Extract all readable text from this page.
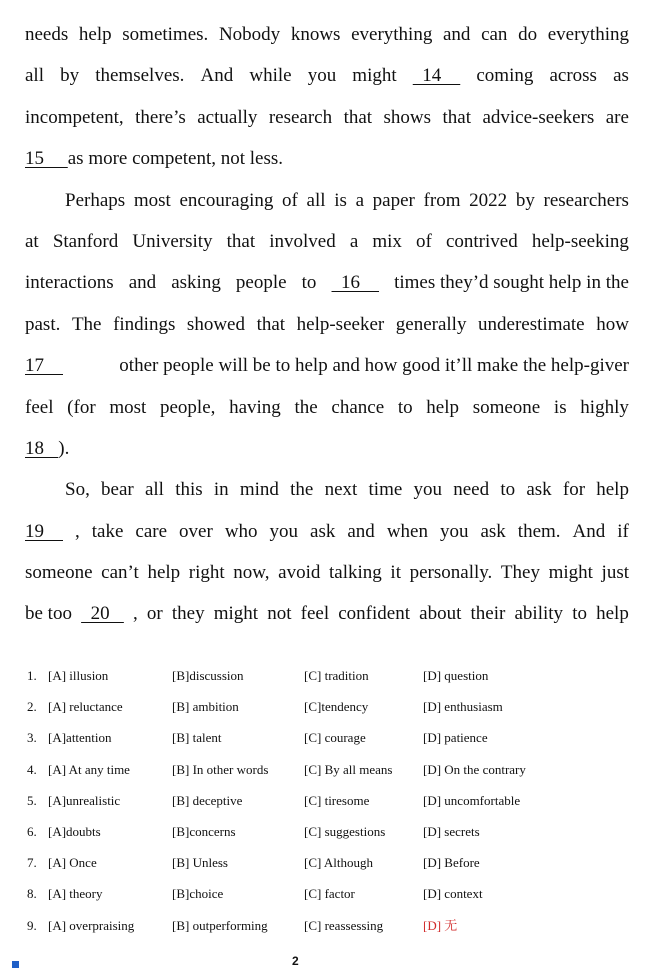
needs help sometimes. Nobody knows everything and can do everything
all by themselves. And while you might 14 coming across as
incompetent, there’s actually research that shows that advice-seekers are
15 as more competent, not less.
Perhaps most encouraging of all is a paper from 2022 by researchers
at Stanford University that involved a mix of contrived help-seeking
interactions and asking people to 16 times they’d sought help in the
past. The findings showed that help-seeker generally underestimate how
17	other people will be to help and how good it’ll make the help-giver
feel (for most people, having the chance to help someone is highly
18 ).
So, bear all this in mind the next time you need to ask for help
19 , take care over who you ask and when you ask them. And if
someone can’t help right now, avoid talking it personally. They might just
be too 20 , or they might not feel confident about their ability to help
1. [A] illusion	[B]discussion	[C] tradition	[D] question
2. [A] reluctance	[B] ambition	[C]tendency	[D] enthusiasm
3. [A]attention	[B] talent	[C] courage	[D] patience
4. [A] At any time	[B] In other words	[C] By all means [D] On the contrary
5. [A]unrealistic	[B] deceptive	[C] tiresome	[D] uncomfortable
6. [A]doubts	[B]concerns	[C] suggestions	[D] secrets
7. [A] Once	[B] Unless	[C] Although	[D] Before
8. [A] theory	[B]choice	[C] factor	[D] context
9. [A] overpraising	[B] outperforming	[C] reassessing	[D] 无
2
